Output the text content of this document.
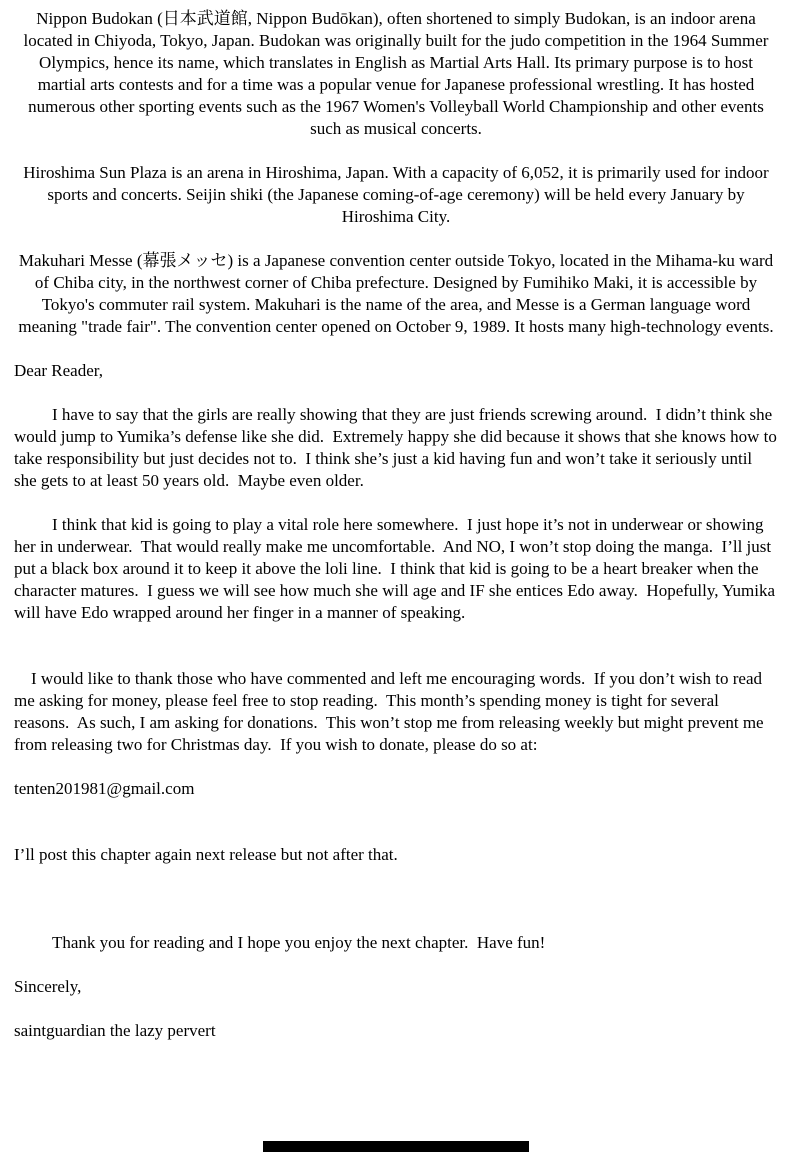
Nippon Budokan (日本武道館, Nippon Budōkan), often shortened to simply Budokan, is an indoor arena located in Chiyoda, Tokyo, Japan. Budokan was originally built for the judo competition in the 1964 Summer Olympics, hence its name, which translates in English as Martial Arts Hall. Its primary purpose is to host martial arts contests and for a time was a popular venue for Japanese professional wrestling. It has hosted numerous other sporting events such as the 1967 Women's Volleyball World Championship and other events such as musical concerts.

Hiroshima Sun Plaza is an arena in Hiroshima, Japan. With a capacity of 6,052, it is primarily used for indoor sports and concerts. Seijin shiki (the Japanese coming-of-age ceremony) will be held every January by Hiroshima City.

Makuhari Messe (幕張メッセ) is a Japanese convention center outside Tokyo, located in the Mihama-ku ward of Chiba city, in the northwest corner of Chiba prefecture. Designed by Fumihiko Maki, it is accessible by Tokyo's commuter rail system. Makuhari is the name of the area, and Messe is a German language word meaning "trade fair". The convention center opened on October 9, 1989. It hosts many high-technology events.

Dear Reader,

I have to say that the girls are really showing that they are just friends screwing around.  I didn’t think she would jump to Yumika’s defense like she did.  Extremely happy she did because it shows that she knows how to take responsibility but just decides not to.  I think she’s just a kid having fun and won’t take it seriously until she gets to at least 50 years old.  Maybe even older.

I think that kid is going to play a vital role here somewhere.  I just hope it’s not in underwear or showing her in underwear.  That would really make me uncomfortable.  And NO, I won’t stop doing the manga.  I’ll just put a black box around it to keep it above the loli line.  I think that kid is going to be a heart breaker when the character matures.  I guess we will see how much she will age and IF she entices Edo away.  Hopefully, Yumika will have Edo wrapped around her finger in a manner of speaking.

I would like to thank those who have commented and left me encouraging words.  If you don’t wish to read me asking for money, please feel free to stop reading.  This month’s spending money is tight for several reasons.  As such, I am asking for donations.  This won’t stop me from releasing weekly but might prevent me from releasing two for Christmas day.  If you wish to donate, please do so at:

tenten201981@gmail.com

I’ll post this chapter again next release but not after that.

Thank you for reading and I hope you enjoy the next chapter.  Have fun!

Sincerely,

saintguardian the lazy pervert
